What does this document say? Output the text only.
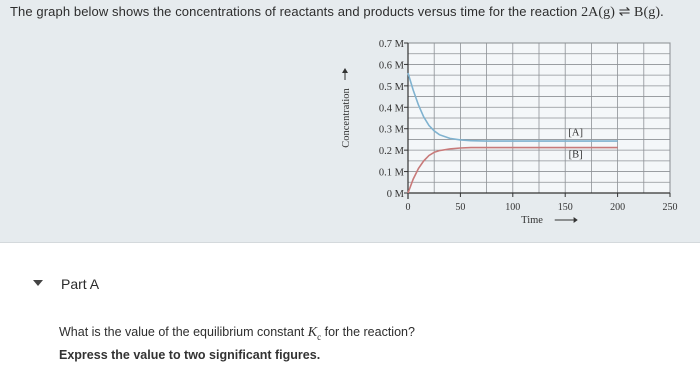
The graph below shows the concentrations of reactants and products versus time for the reaction 2A(g) ⇌ B(g).
0 M
0.1 M
0.2 M
0.3 M
0.4 M
0.5 M
0.6 M
0.7 M
0	50	100	150	200	250
Time
Concentration	[A]
[B]
Part A
What is the value of the equilibrium constant $K_c$ for the reaction?
Express the value to two significant figures.
